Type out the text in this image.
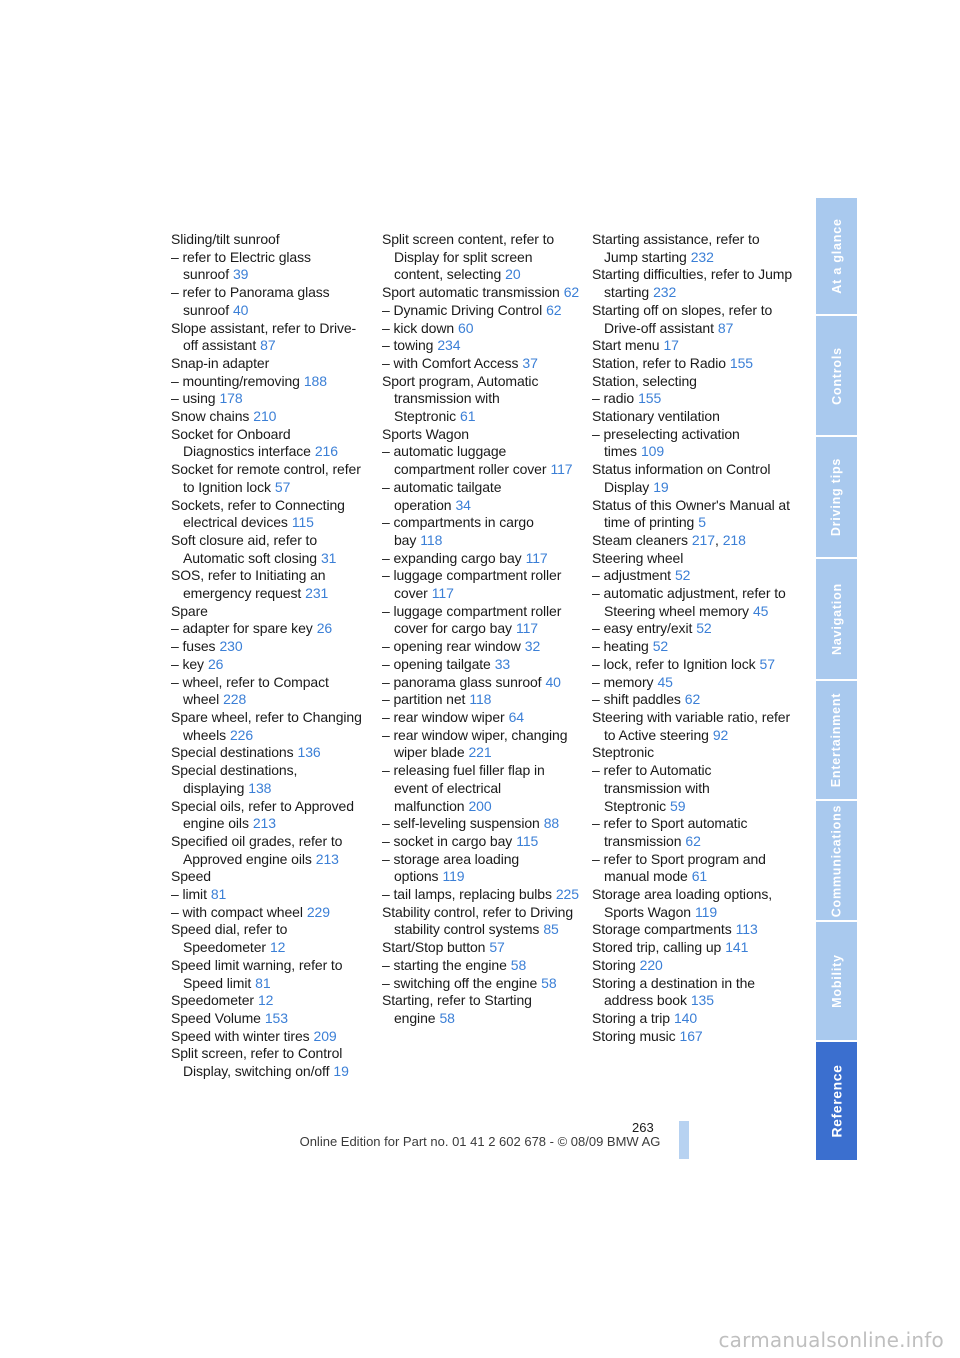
Sliding/tilt sunroof
– refer to Electric glass sunroof 39
– refer to Panorama glass sunroof 40
Slope assistant, refer to Drive-off assistant 87
Snap-in adapter
– mounting/removing 188
– using 178
Snow chains 210
Socket for Onboard Diagnostics interface 216
Socket for remote control, refer to Ignition lock 57
Sockets, refer to Connecting electrical devices 115
Soft closure aid, refer to Automatic soft closing 31
SOS, refer to Initiating an emergency request 231
Spare
– adapter for spare key 26
– fuses 230
– key 26
– wheel, refer to Compact wheel 228
Spare wheel, refer to Changing wheels 226
Special destinations 136
Special destinations, displaying 138
Special oils, refer to Approved engine oils 213
Specified oil grades, refer to Approved engine oils 213
Speed
– limit 81
– with compact wheel 229
Speed dial, refer to Speedometer 12
Speed limit warning, refer to Speed limit 81
Speedometer 12
Speed Volume 153
Speed with winter tires 209
Split screen, refer to Control Display, switching on/off 19
Split screen content, refer to Display for split screen content, selecting 20
Sport automatic transmission 62
– Dynamic Driving Control 62
– kick down 60
– towing 234
– with Comfort Access 37
Sport program, Automatic transmission with Steptronic 61
Sports Wagon
– automatic luggage compartment roller cover 117
– automatic tailgate operation 34
– compartments in cargo bay 118
– expanding cargo bay 117
– luggage compartment roller cover 117
– luggage compartment roller cover for cargo bay 117
– opening rear window 32
– opening tailgate 33
– panorama glass sunroof 40
– partition net 118
– rear window wiper 64
– rear window wiper, changing wiper blade 221
– releasing fuel filler flap in event of electrical malfunction 200
– self-leveling suspension 88
– socket in cargo bay 115
– storage area loading options 119
– tail lamps, replacing bulbs 225
Stability control, refer to Driving stability control systems 85
Start/Stop button 57
– starting the engine 58
– switching off the engine 58
Starting, refer to Starting engine 58
Starting assistance, refer to Jump starting 232
Starting difficulties, refer to Jump starting 232
Starting off on slopes, refer to Drive-off assistant 87
Start menu 17
Station, refer to Radio 155
Station, selecting
– radio 155
Stationary ventilation
– preselecting activation times 109
Status information on Control Display 19
Status of this Owner's Manual at time of printing 5
Steam cleaners 217, 218
Steering wheel
– adjustment 52
– automatic adjustment, refer to Steering wheel memory 45
– easy entry/exit 52
– heating 52
– lock, refer to Ignition lock 57
– memory 45
– shift paddles 62
Steering with variable ratio, refer to Active steering 92
Steptronic
– refer to Automatic transmission with Steptronic 59
– refer to Sport automatic transmission 62
– refer to Sport program and manual mode 61
Storage area loading options, Sports Wagon 119
Storage compartments 113
Stored trip, calling up 141
Storing 220
Storing a destination in the address book 135
Storing a trip 140
Storing music 167
At a glance
Controls
Driving tips
Navigation
Entertainment
Communications
Mobility
Reference
263
Online Edition for Part no. 01 41 2 602 678 - © 08/09 BMW AG
carmanualsonline.info
